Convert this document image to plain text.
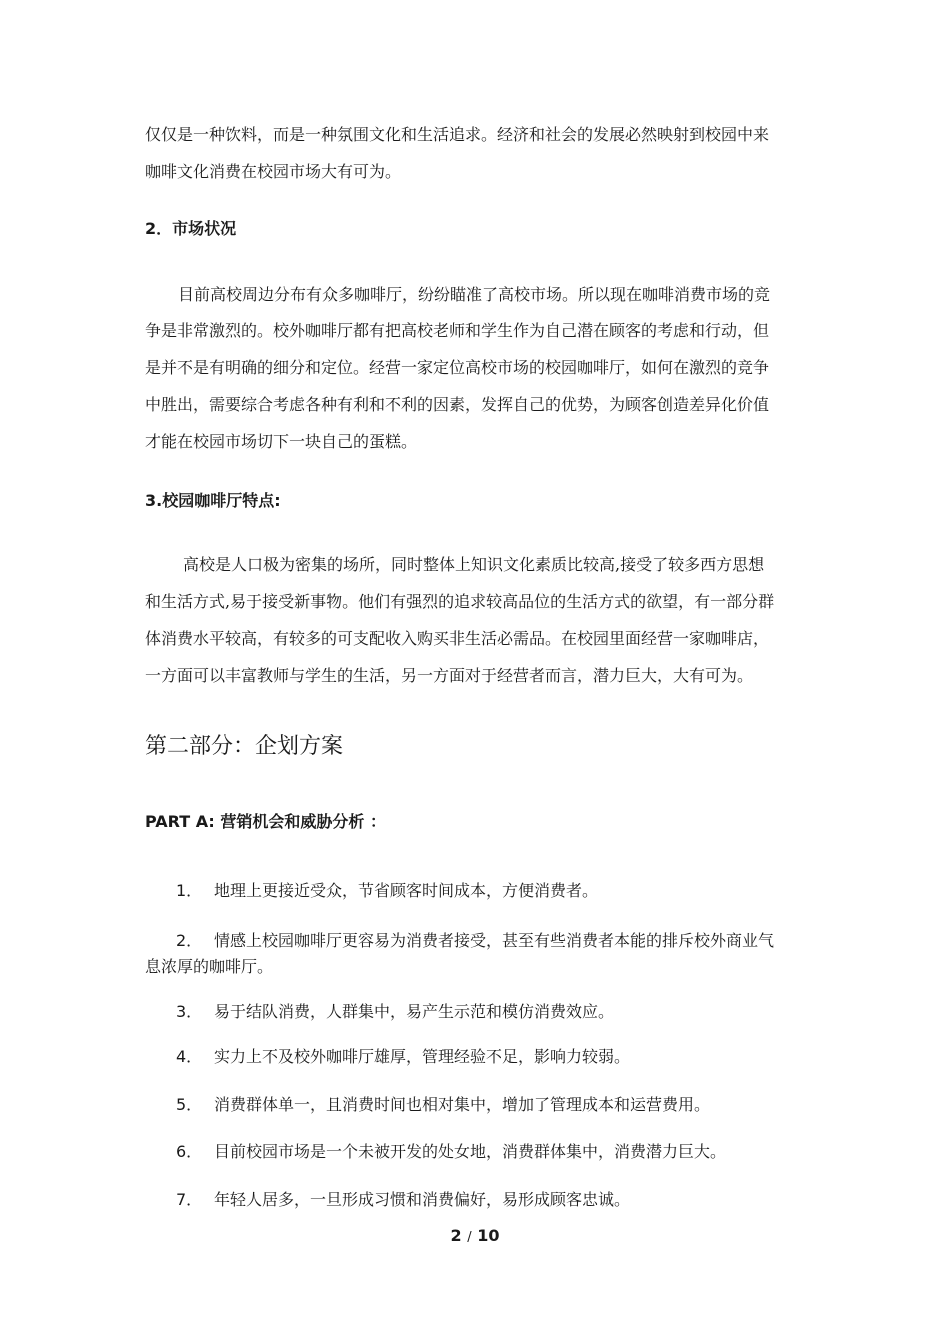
仅仅是一种饮料，而是一种氛围文化和生活追求。经济和社会的发展必然映射到校园中来
咖啡文化消费在校园市场大有可为。
2．市场状况
目前高校周边分布有众多咖啡厅，纷纷瞄准了高校市场。所以现在咖啡消费市场的竞
争是非常激烈的。校外咖啡厅都有把高校老师和学生作为自己潜在顾客的考虑和行动，但
是并不是有明确的细分和定位。经营一家定位高校市场的校园咖啡厅，如何在激烈的竞争
中胜出，需要综合考虑各种有利和不利的因素，发挥自己的优势，为顾客创造差异化价值
才能在校园市场切下一块自己的蛋糕。
3.校园咖啡厅特点:
高校是人口极为密集的场所，同时整体上知识文化素质比较高,接受了较多西方思想
和生活方式,易于接受新事物。他们有强烈的追求较高品位的生活方式的欲望，有一部分群
体消费水平较高，有较多的可支配收入购买非生活必需品。在校园里面经营一家咖啡店，
一方面可以丰富教师与学生的生活，另一方面对于经营者而言，潜力巨大，大有可为。
第二部分：企划方案
PART A: 营销机会和威胁分析 ：
1． 地理上更接近受众，节省顾客时间成本，方便消费者。
2． 情感上校园咖啡厅更容易为消费者接受，甚至有些消费者本能的排斥校外商业气
息浓厚的咖啡厅。
3． 易于结队消费，人群集中，易产生示范和模仿消费效应。
4． 实力上不及校外咖啡厅雄厚，管理经验不足，影响力较弱。
5． 消费群体单一，且消费时间也相对集中，增加了管理成本和运营费用。
6． 目前校园市场是一个未被开发的处女地，消费群体集中，消费潜力巨大。
7． 年轻人居多，一旦形成习惯和消费偏好，易形成顾客忠诚。
2 / 10
